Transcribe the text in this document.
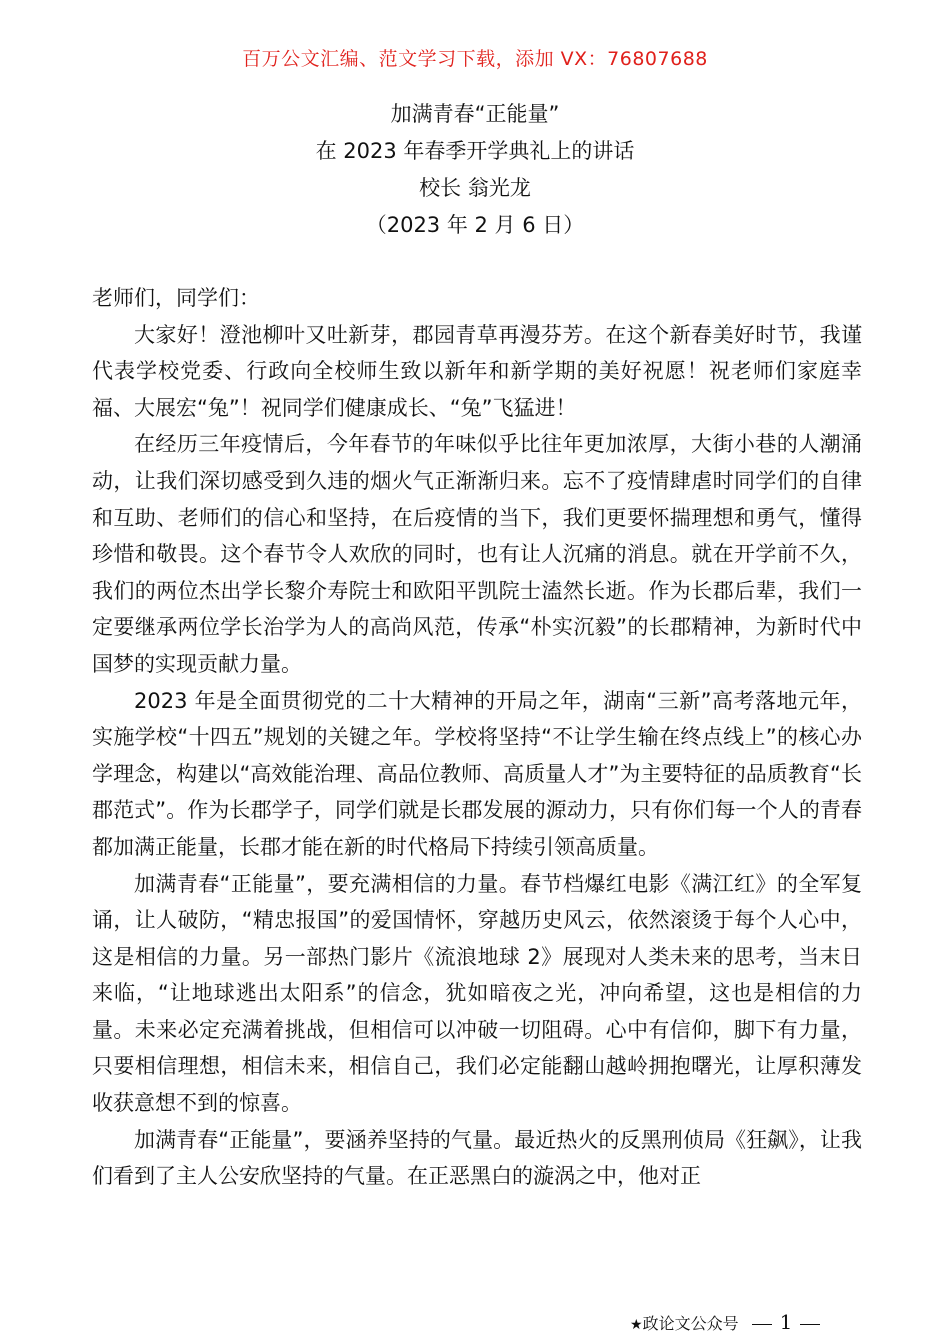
百万公文汇编、范文学习下载，添加 VX：76807688
加满青春“正能量”
在 2023 年春季开学典礼上的讲话
校长 翁光龙
（2023 年 2 月 6 日）

老师们，同学们：

大家好！澄池柳叶又吐新芽，郡园青草再漫芬芳。在这个新春美好时节，我谨代表学校党委、行政向全校师生致以新年和新学期的美好祝愿！祝老师们家庭幸福、大展宏“兔”！祝同学们健康成长、“兔”飞猛进！

在经历三年疫情后，今年春节的年味似乎比往年更加浓厚，大街小巷的人潮涌动，让我们深切感受到久违的烟火气正渐渐归来。忘不了疫情肆虐时同学们的自律和互助、老师们的信心和坚持，在后疫情的当下，我们更要怀揣理想和勇气，懂得珍惜和敬畏。这个春节令人欢欣的同时，也有让人沉痛的消息。就在开学前不久，我们的两位杰出学长黎介寿院士和欧阳平凯院士溘然长逝。作为长郡后辈，我们一定要继承两位学长治学为人的高尚风范，传承“朴实沉毅”的长郡精神，为新时代中国梦的实现贡献力量。

2023 年是全面贯彻党的二十大精神的开局之年，湖南“三新”高考落地元年，实施学校“十四五”规划的关键之年。学校将坚持“不让学生输在终点线上”的核心办学理念，构建以“高效能治理、高品位教师、高质量人才”为主要特征的品质教育“长郡范式”。作为长郡学子，同学们就是长郡发展的源动力，只有你们每一个人的青春都加满正能量，长郡才能在新的时代格局下持续引领高质量。

加满青春“正能量”，要充满相信的力量。春节档爆红电影《满江红》的全军复诵，让人破防，“精忠报国”的爱国情怀，穿越历史风云，依然滚烫于每个人心中，这是相信的力量。另一部热门影片《流浪地球 2》展现对人类未来的思考，当末日来临，“让地球逃出太阳系”的信念，犹如暗夜之光，冲向希望，这也是相信的力量。未来必定充满着挑战，但相信可以冲破一切阻碍。心中有信仰，脚下有力量，只要相信理想，相信未来，相信自己，我们必定能翻山越岭拥抱曙光，让厚积薄发收获意想不到的惊喜。

加满青春“正能量”，要涵养坚持的气量。最近热火的反黑刑侦局《狂飙》，让我们看到了主人公安欣坚持的气量。在正恶黑白的漩涡之中，他对正

★政论文公众号 1
